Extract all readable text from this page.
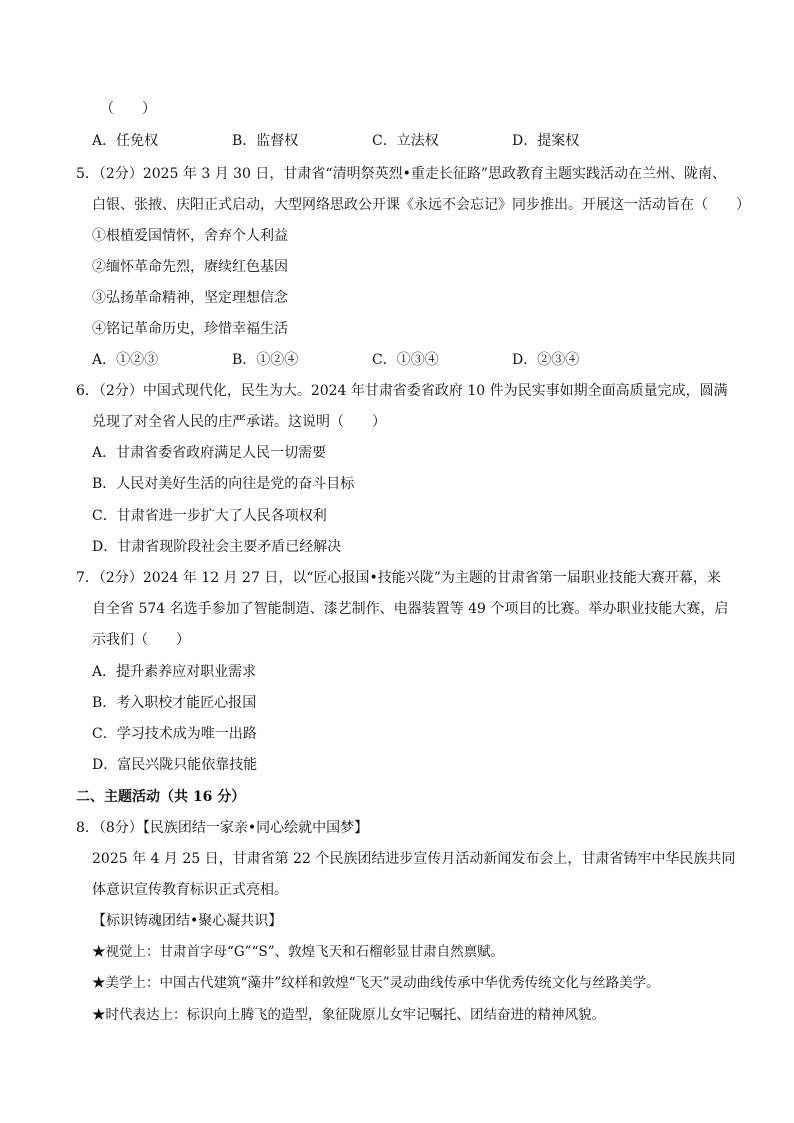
（　　）
A．任免权	B．监督权	C．立法权	D．提案权
5．（2分）2025 年 3 月 30 日，甘肃省“清明祭英烈•重走长征路”思政教育主题实践活动在兰州、陇南、
白银、张掖、庆阳正式启动，大型网络思政公开课《永远不会忘记》同步推出。开展这一活动旨在（　　）
①根植爱国情怀，舍弃个人利益
②缅怀革命先烈，赓续红色基因
③弘扬革命精神，坚定理想信念
④铭记革命历史，珍惜幸福生活
A．①②③	B．①②④	C．①③④	D．②③④
6．（2分）中国式现代化，民生为大。2024 年甘肃省委省政府 10 件为民实事如期全面高质量完成，圆满
兑现了对全省人民的庄严承诺。这说明（　　）
A．甘肃省委省政府满足人民一切需要
B．人民对美好生活的向往是党的奋斗目标
C．甘肃省进一步扩大了人民各项权利
D．甘肃省现阶段社会主要矛盾已经解决
7．（2分）2024 年 12 月 27 日，以“匠心报国•技能兴陇”为主题的甘肃省第一届职业技能大赛开幕，来
自全省 574 名选手参加了智能制造、漆艺制作、电器装置等 49 个项目的比赛。举办职业技能大赛，启
示我们（　　）
A．提升素养应对职业需求
B．考入职校才能匠心报国
C．学习技术成为唯一出路
D．富民兴陇只能依靠技能
二、主题活动（共 16 分）
8．（8分）【民族团结一家亲•同心绘就中国梦】
2025 年 4 月 25 日，甘肃省第 22 个民族团结进步宣传月活动新闻发布会上，甘肃省铸牢中华民族共同
体意识宣传教育标识正式亮相。
【标识铸魂团结•聚心凝共识】
★视觉上：甘肃首字母“G”“S”、敦煌飞天和石榴彰显甘肃自然禀赋。
★美学上：中国古代建筑“藻井”纹样和敦煌“飞天”灵动曲线传承中华优秀传统文化与丝路美学。
★时代表达上：标识向上腾飞的造型，象征陇原儿女牢记嘱托、团结奋进的精神风貌。
